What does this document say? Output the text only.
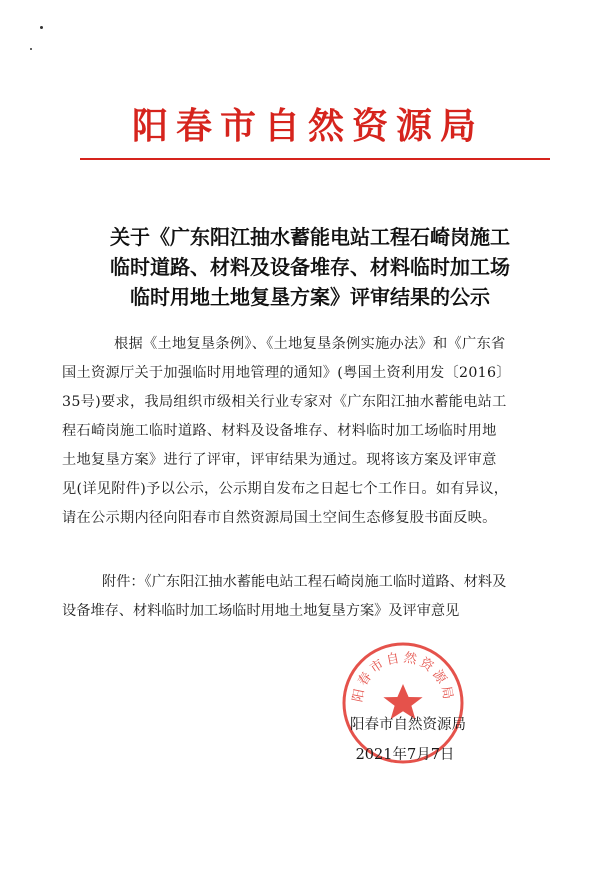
阳春市自然资源局
关于《广东阳江抽水蓄能电站工程石崎岗施工
临时道路、材料及设备堆存、材料临时加工场
临时用地土地复垦方案》评审结果的公示
根据《土地复垦条例》、《土地复垦条例实施办法》和《广东省
国土资源厅关于加强临时用地管理的通知》(粤国土资利用发〔2016〕
35号)要求，我局组织市级相关行业专家对《广东阳江抽水蓄能电站工
程石崎岗施工临时道路、材料及设备堆存、材料临时加工场临时用地
土地复垦方案》进行了评审，评审结果为通过。现将该方案及评审意
见(详见附件)予以公示，公示期自发布之日起七个工作日。如有异议，
请在公示期内径向阳春市自然资源局国土空间生态修复股书面反映。
附件：《广东阳江抽水蓄能电站工程石崎岗施工临时道路、材料及
设备堆存、材料临时加工场临时用地土地复垦方案》及评审意见
阳春市自然资源局
阳春市自然资源局
2021年7月7日
